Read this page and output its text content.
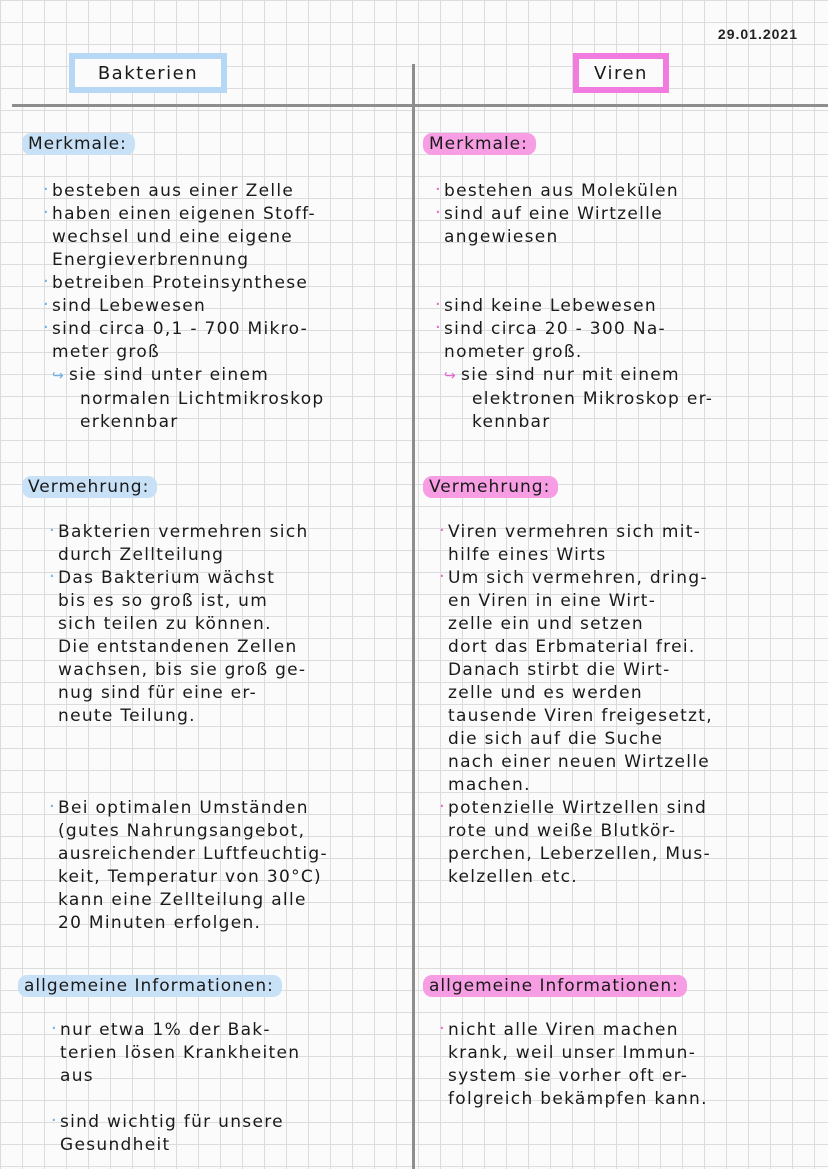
29.01.2021
Bakterien	Viren
Merkmale:

· besteben aus einer Zelle

· haben einen eigenen Stoff-

wechsel und eine eigene

Energieverbrennung

· betreiben Proteinsynthese

· sind Lebewesen

· sind circa 0,1 - 700 Mikro-

meter groß

↪ sie sind unter einem

normalen Lichtmikroskop

erkennbar

Merkmale:

· bestehen aus Molekülen

· sind auf eine Wirtzelle

angewiesen

· sind keine Lebewesen

· sind circa 20 - 300 Na-

nometer groß.

↪ sie sind nur mit einem

elektronen Mikroskop er-

kennbar

Vermehrung:

· Bakterien vermehren sich

durch Zellteilung

· Das Bakterium wächst

bis es so groß ist, um

sich teilen zu können.

Die entstandenen Zellen

wachsen, bis sie groß ge-

nug sind für eine er-

neute Teilung.

· Bei optimalen Umständen

(gutes Nahrungsangebot,

ausreichender Luftfeuchtig-

keit, Temperatur von 30°C)

kann eine Zellteilung alle

20 Minuten erfolgen.

Vermehrung:

· Viren vermehren sich mit-

hilfe eines Wirts

· Um sich vermehren, dring-

en Viren in eine Wirt-

zelle ein und setzen

dort das Erbmaterial frei.

Danach stirbt die Wirt-

zelle und es werden

tausende Viren freigesetzt,

die sich auf die Suche

nach einer neuen Wirtzelle

machen.

· potenzielle Wirtzellen sind

rote und weiße Blutkör-

perchen, Leberzellen, Mus-

kelzellen etc.

allgemeine Informationen:

· nur etwa 1% der Bak-

terien lösen Krankheiten

aus

· sind wichtig für unsere

Gesundheit

allgemeine Informationen:

· nicht alle Viren machen

krank, weil unser Immun-

system sie vorher oft er-

folgreich bekämpfen kann.
